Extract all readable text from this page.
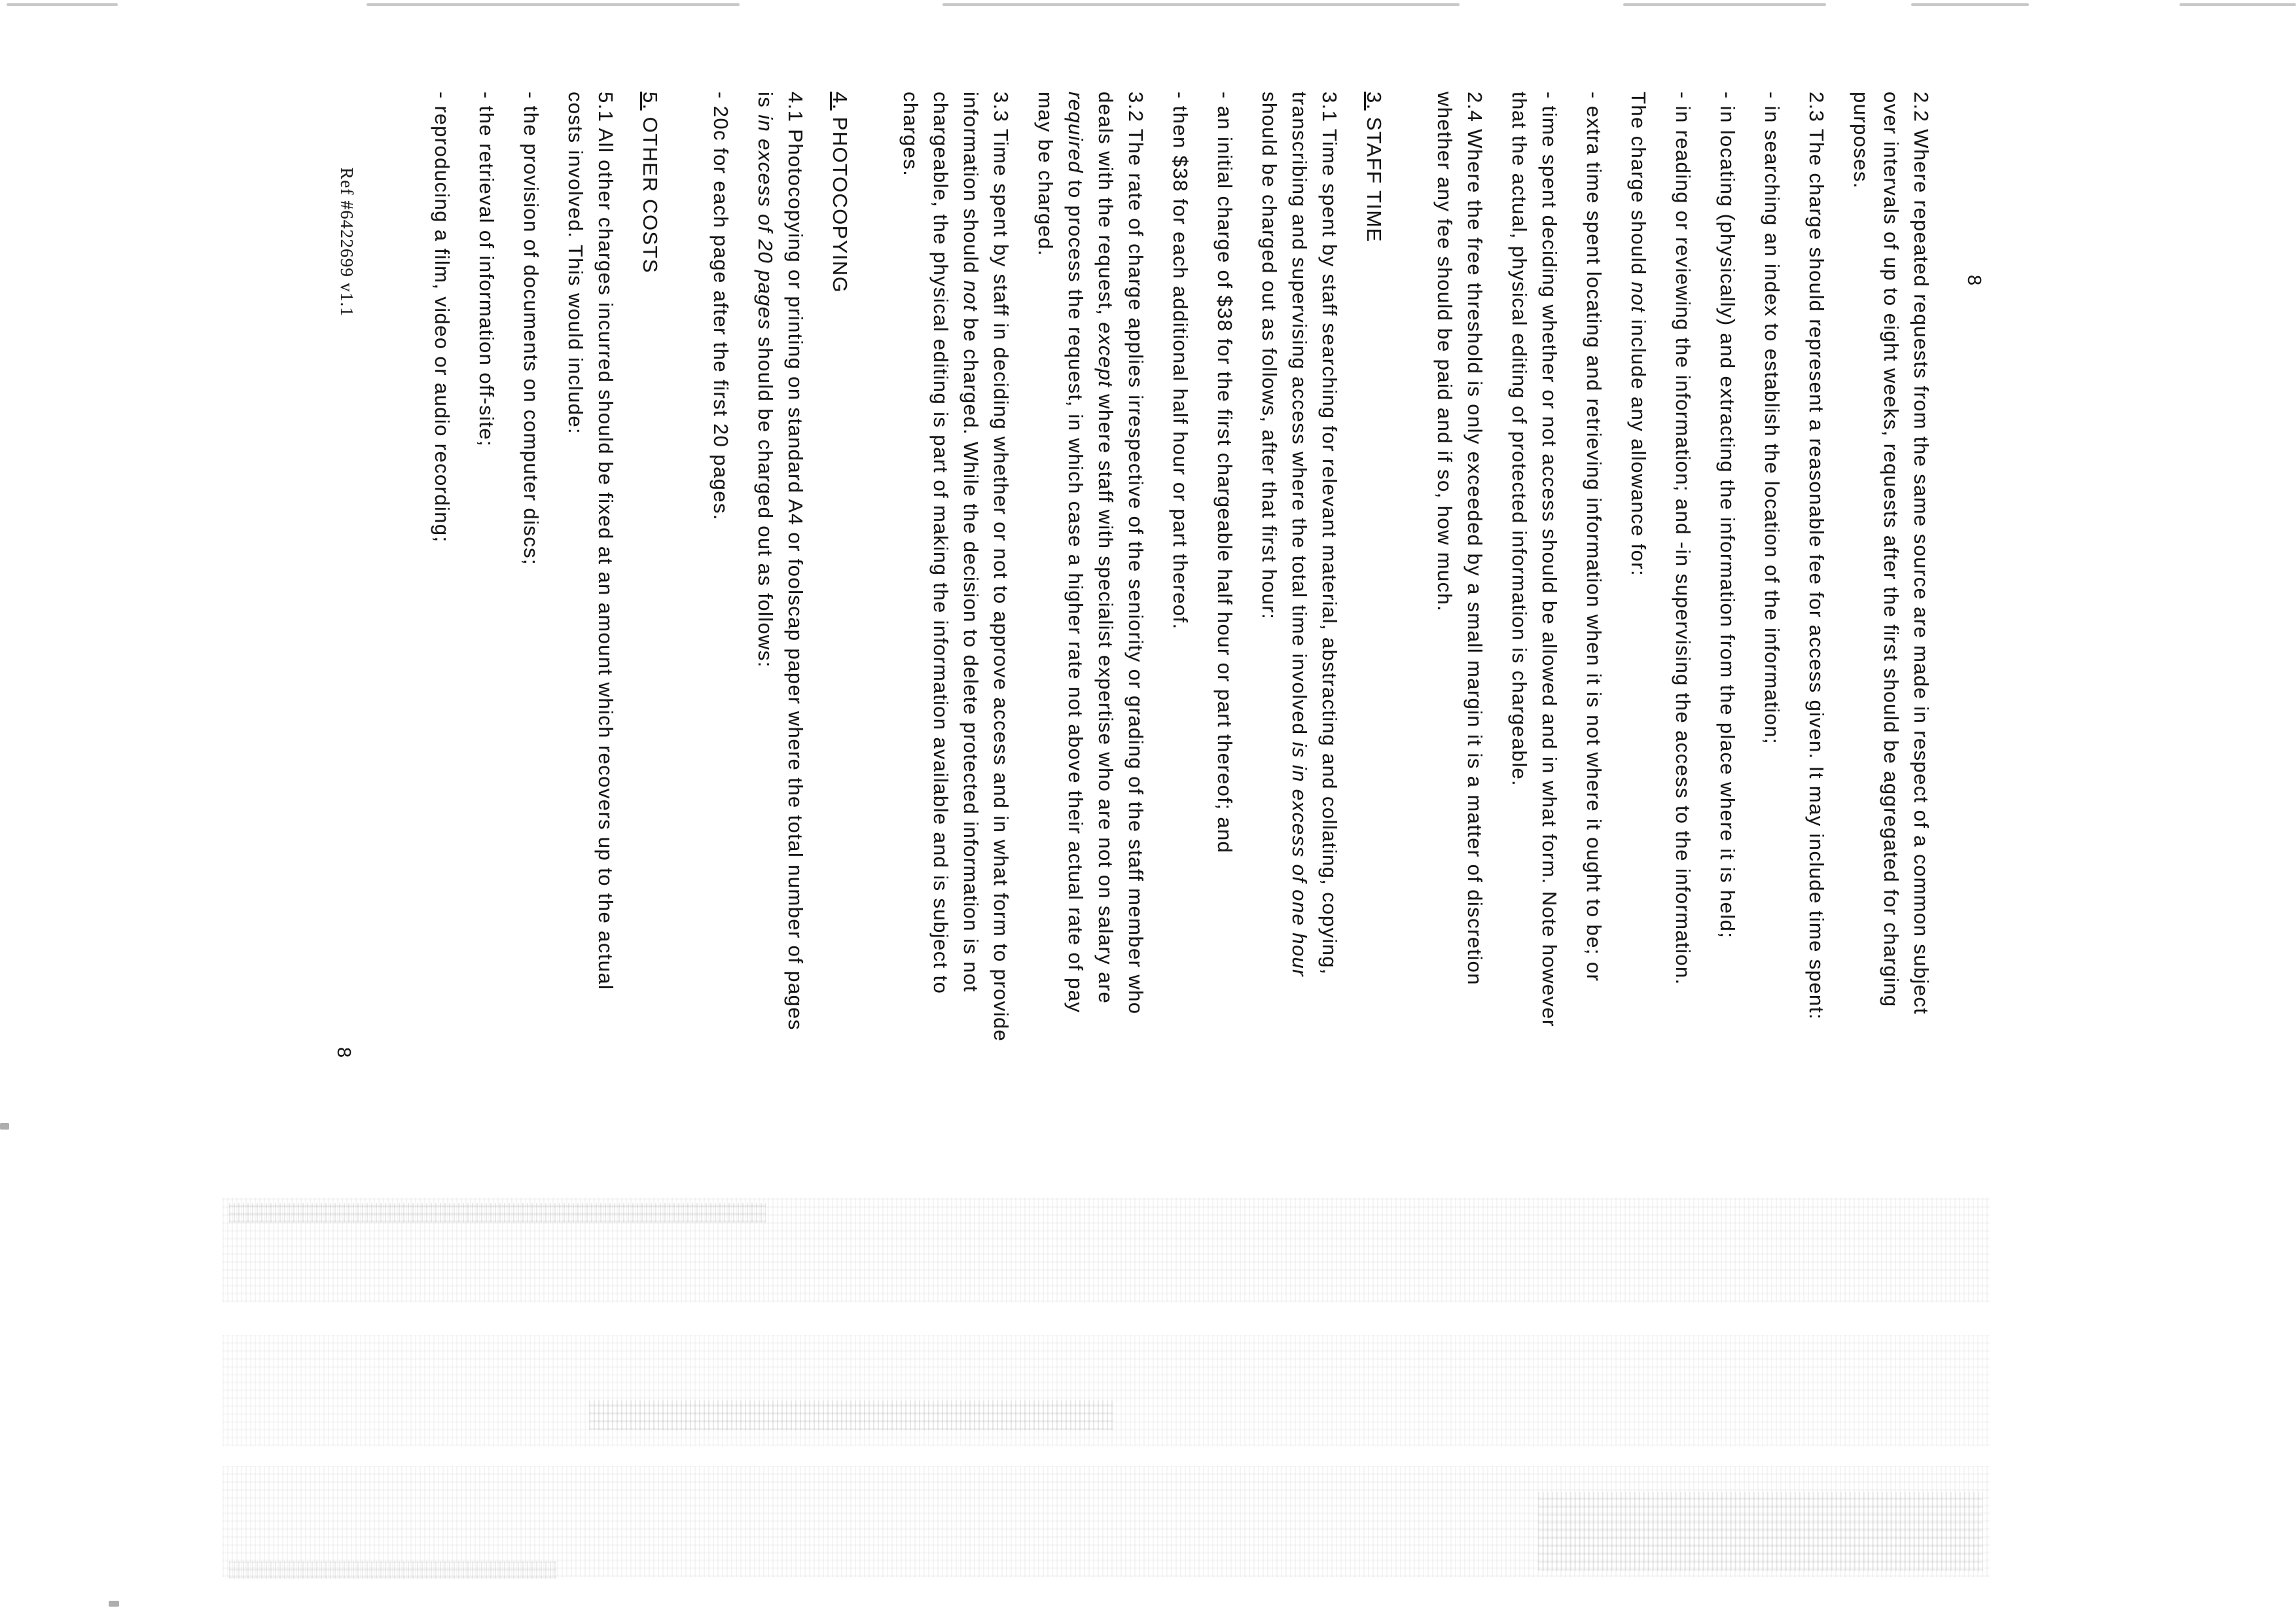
2.2 Where repeated requests from the same source are made in respect of a common subject
over intervals of up to eight weeks, requests after the first should be aggregated for charging
purposes.
2.3 The charge should represent a reasonable fee for access given. It may include time spent:
- in searching an index to establish the location of the information;
- in locating (physically) and extracting the information from the place where it is held;
- in reading or reviewing the information; and -in supervising the access to the information.
The charge should not include any allowance for:
- extra time spent locating and retrieving information when it is not where it ought to be; or
- time spent deciding whether or not access should be allowed and in what form. Note however
that the actual, physical editing of protected information is chargeable.
2.4 Where the free threshold is only exceeded by a small margin it is a matter of discretion
whether any fee should be paid and if so, how much.
3. STAFF TIME
3.1 Time spent by staff searching for relevant material, abstracting and collating, copying,
transcribing and supervising access where the total time involved is in excess of one hour
should be charged out as follows, after that first hour:
- an initial charge of $38 for the first chargeable half hour or part thereof; and
- then $38 for each additional half hour or part thereof.
3.2 The rate of charge applies irrespective of the seniority or grading of the staff member who
deals with the request, except where staff with specialist expertise who are not on salary are
required to process the request, in which case a higher rate not above their actual rate of pay
may be charged.
3.3 Time spent by staff in deciding whether or not to approve access and in what form to provide
information should not be charged. While the decision to delete protected information is not
chargeable, the physical editing is part of making the information available and is subject to
charges.
4. PHOTOCOPYING
4.1 Photocopying or printing on standard A4 or foolscap paper where the total number of pages
is in excess of 20 pages should be charged out as follows:
- 20c for each page after the first 20 pages.
5. OTHER COSTS
5.1 All other charges incurred should be fixed at an amount which recovers up to the actual
costs involved. This would include:
- the provision of documents on computer discs;
- the retrieval of information off-site;
- reproducing a film, video or audio recording;	8
8
Ref #6422699 v1.1
